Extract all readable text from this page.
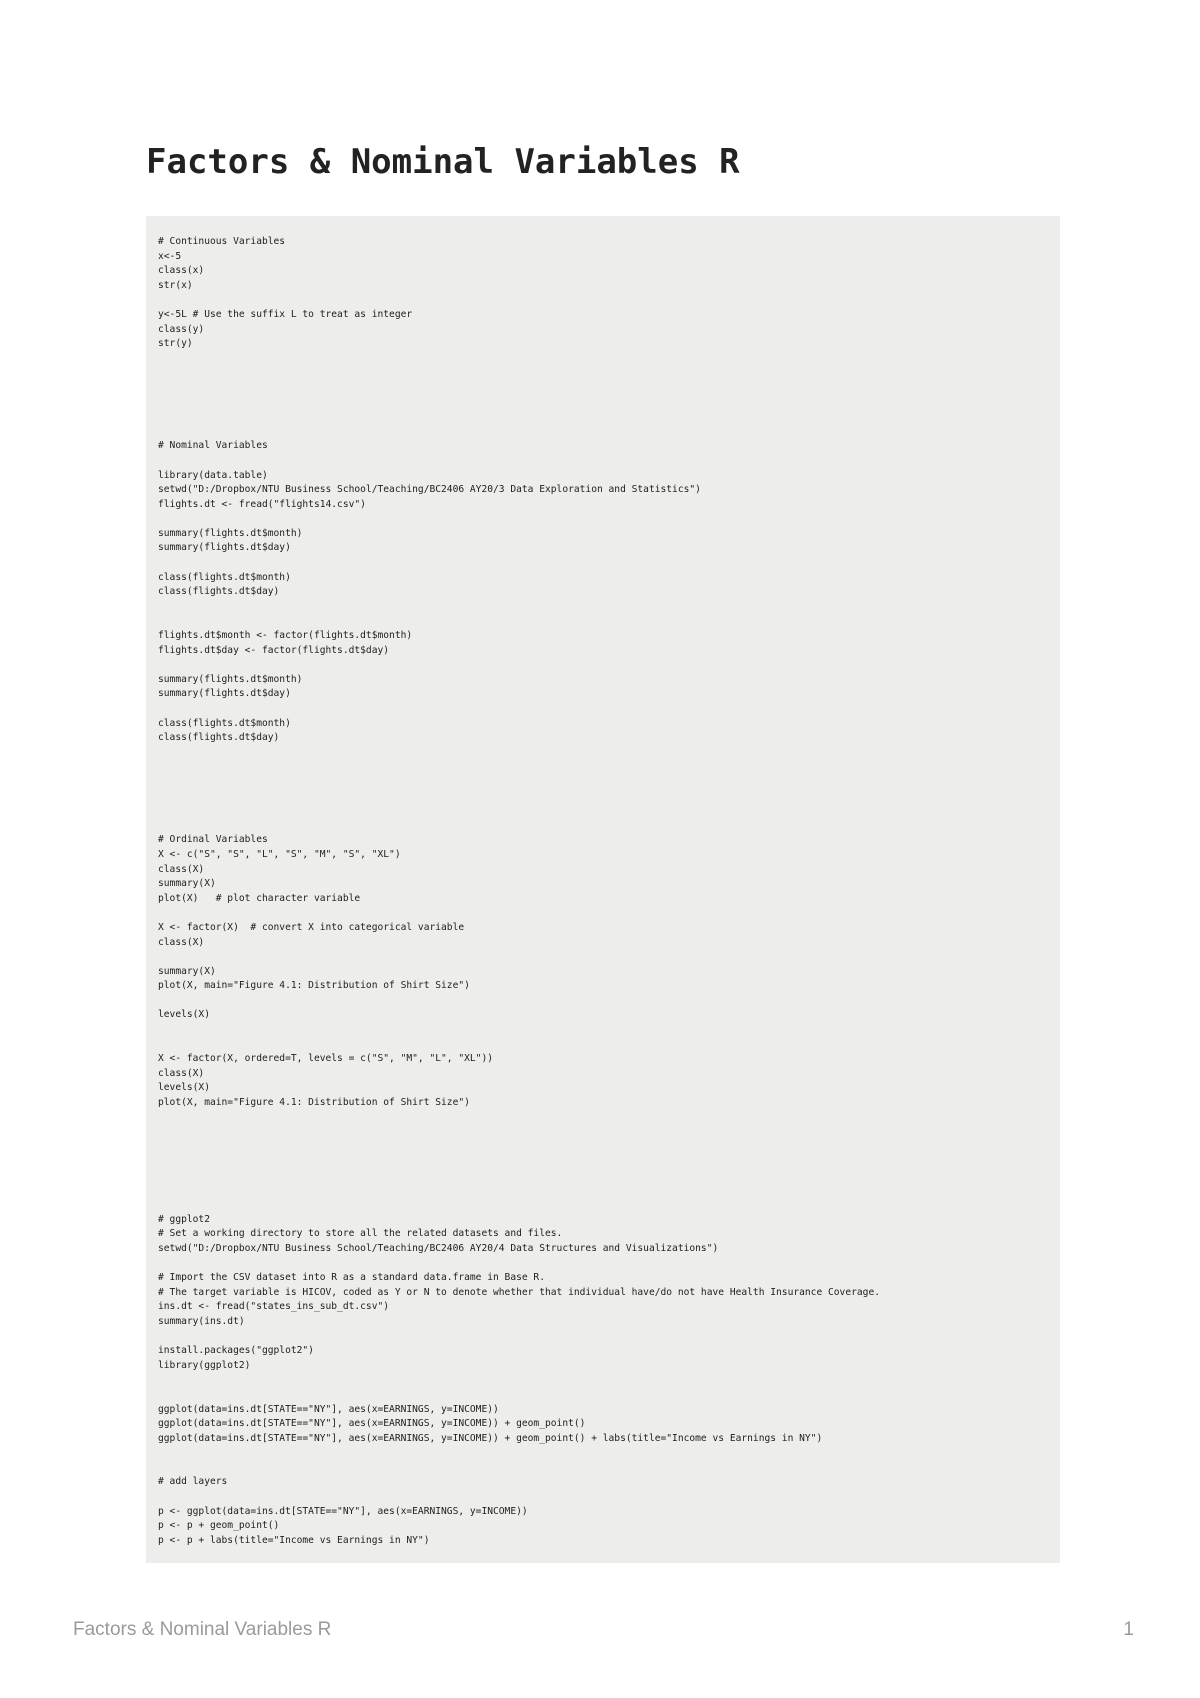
Factors & Nominal Variables R
# Continuous Variables
x<-5
class(x)
str(x)
y<-5L # Use the suffix L to treat as integer
class(y)
str(y)
# Nominal Variables
library(data.table)
setwd("D:/Dropbox/NTU Business School/Teaching/BC2406 AY20/3 Data Exploration and Statistics")
flights.dt <- fread("flights14.csv")
summary(flights.dt$month)
summary(flights.dt$day)
class(flights.dt$month)
class(flights.dt$day)
flights.dt$month <- factor(flights.dt$month)
flights.dt$day <- factor(flights.dt$day)
summary(flights.dt$month)
summary(flights.dt$day)
class(flights.dt$month)
class(flights.dt$day)
# Ordinal Variables
X <- c("S", "S", "L", "S", "M", "S", "XL")
class(X)
summary(X)
plot(X)   # plot character variable
X <- factor(X)  # convert X into categorical variable
class(X)
summary(X)
plot(X, main="Figure 4.1: Distribution of Shirt Size")
levels(X)
X <- factor(X, ordered=T, levels = c("S", "M", "L", "XL"))
class(X)
levels(X)
plot(X, main="Figure 4.1: Distribution of Shirt Size")
# ggplot2
# Set a working directory to store all the related datasets and files.
setwd("D:/Dropbox/NTU Business School/Teaching/BC2406 AY20/4 Data Structures and Visualizations")
# Import the CSV dataset into R as a standard data.frame in Base R.
# The target variable is HICOV, coded as Y or N to denote whether that individual have/do not have Health Insurance Coverage.
ins.dt <- fread("states_ins_sub_dt.csv")
summary(ins.dt)
install.packages("ggplot2")
library(ggplot2)
ggplot(data=ins.dt[STATE=="NY"], aes(x=EARNINGS, y=INCOME))
ggplot(data=ins.dt[STATE=="NY"], aes(x=EARNINGS, y=INCOME)) + geom_point()
ggplot(data=ins.dt[STATE=="NY"], aes(x=EARNINGS, y=INCOME)) + geom_point() + labs(title="Income vs Earnings in NY")
# add layers
p <- ggplot(data=ins.dt[STATE=="NY"], aes(x=EARNINGS, y=INCOME))
p <- p + geom_point()
p <- p + labs(title="Income vs Earnings in NY")
Factors & Nominal Variables R	1
